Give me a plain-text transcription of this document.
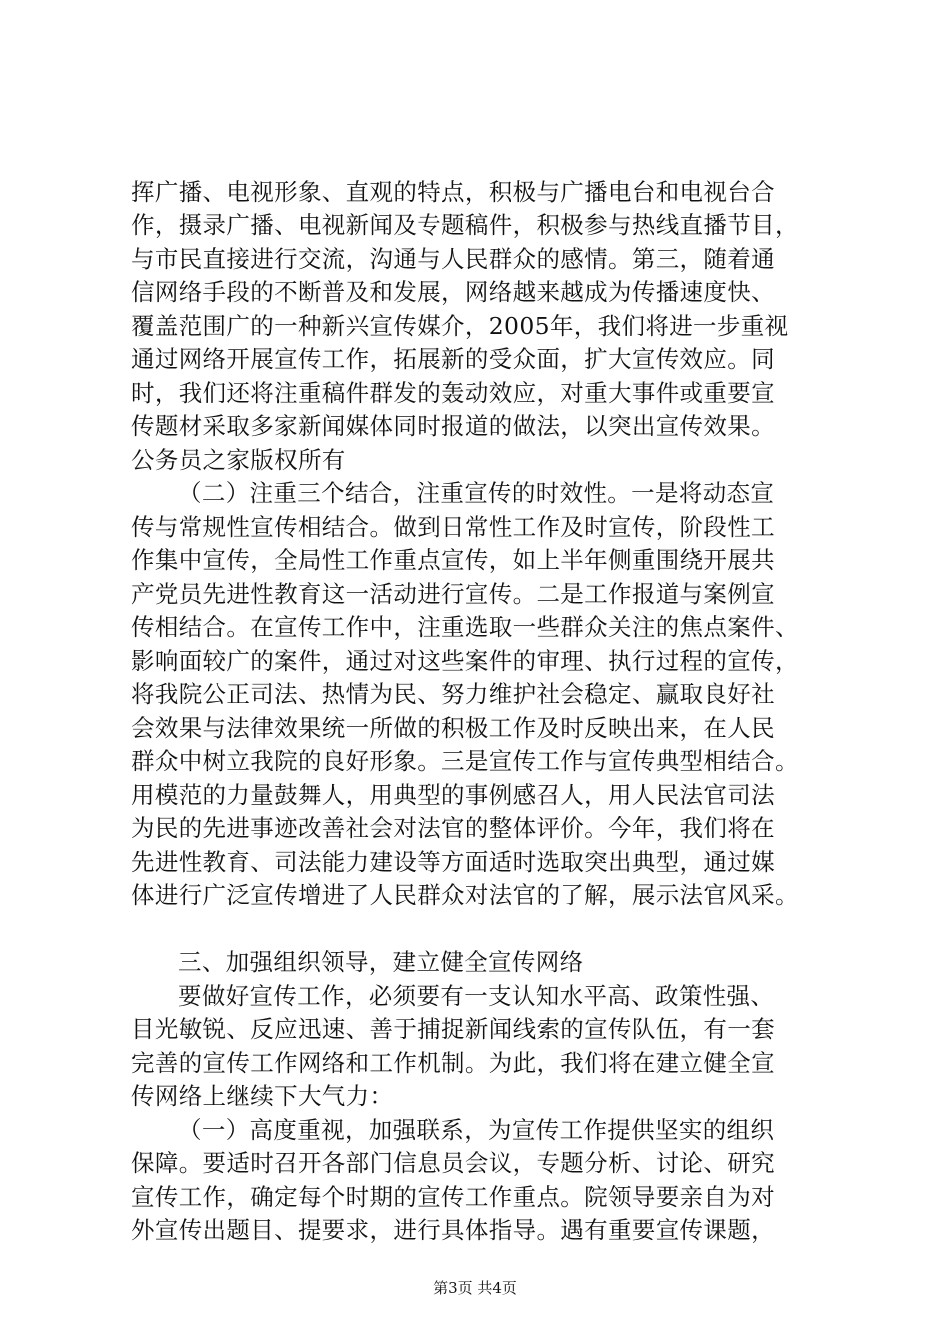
挥广播、电视形象、直观的特点，积极与广播电台和电视台合
作，摄录广播、电视新闻及专题稿件，积极参与热线直播节目，
与市民直接进行交流，沟通与人民群众的感情。第三，随着通
信网络手段的不断普及和发展，网络越来越成为传播速度快、
覆盖范围广的一种新兴宣传媒介，2005年，我们将进一步重视
通过网络开展宣传工作，拓展新的受众面，扩大宣传效应。同
时，我们还将注重稿件群发的轰动效应，对重大事件或重要宣
传题材采取多家新闻媒体同时报道的做法，以突出宣传效果。
公务员之家版权所有
（二）注重三个结合，注重宣传的时效性。一是将动态宣
传与常规性宣传相结合。做到日常性工作及时宣传，阶段性工
作集中宣传，全局性工作重点宣传，如上半年侧重围绕开展共
产党员先进性教育这一活动进行宣传。二是工作报道与案例宣
传相结合。在宣传工作中，注重选取一些群众关注的焦点案件、
影响面较广的案件，通过对这些案件的审理、执行过程的宣传，
将我院公正司法、热情为民、努力维护社会稳定、赢取良好社
会效果与法律效果统一所做的积极工作及时反映出来，在人民
群众中树立我院的良好形象。三是宣传工作与宣传典型相结合。
用模范的力量鼓舞人，用典型的事例感召人，用人民法官司法
为民的先进事迹改善社会对法官的整体评价。今年，我们将在
先进性教育、司法能力建设等方面适时选取突出典型，通过媒
体进行广泛宣传增进了人民群众对法官的了解，展示法官风采。
三、加强组织领导，建立健全宣传网络
要做好宣传工作，必须要有一支认知水平高、政策性强、
目光敏锐、反应迅速、善于捕捉新闻线索的宣传队伍，有一套
完善的宣传工作网络和工作机制。为此，我们将在建立健全宣
传网络上继续下大气力：
（一）高度重视，加强联系，为宣传工作提供坚实的组织
保障。要适时召开各部门信息员会议，专题分析、讨论、研究
宣传工作，确定每个时期的宣传工作重点。院领导要亲自为对
外宣传出题目、提要求，进行具体指导。遇有重要宣传课题，
第3页 共4页
